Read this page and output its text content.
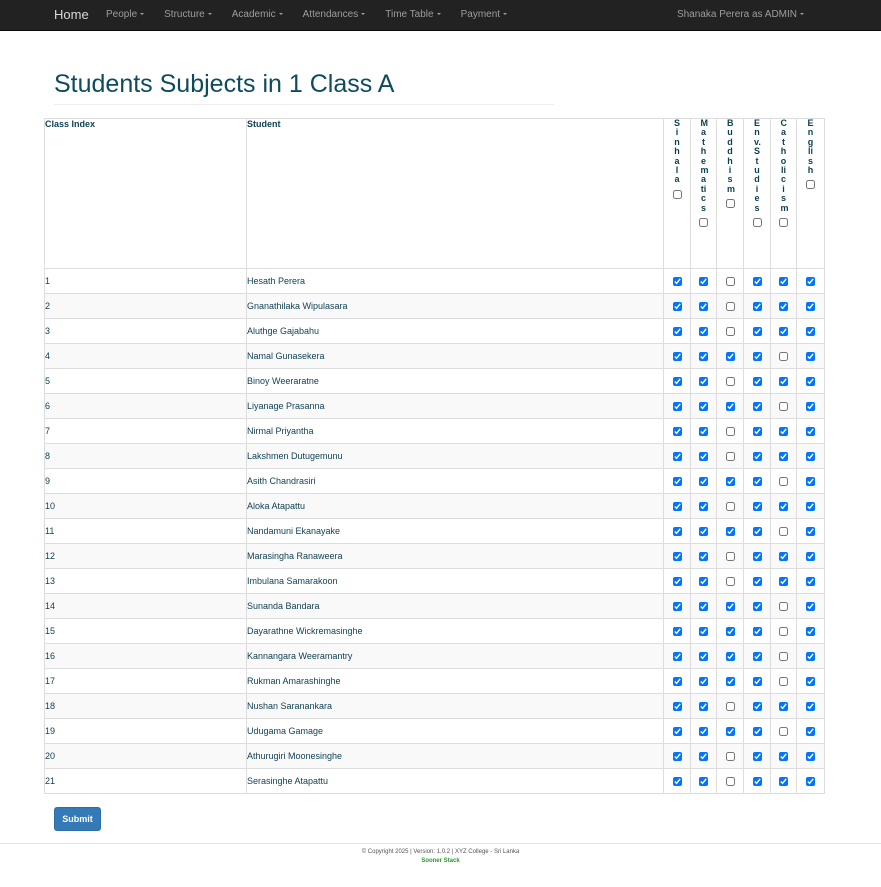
Home People	Structure	Academic	Attendances	Time Table	Payment	Shanaka Perera as ADMIN
Students Subjects in 1 Class A
Class Index	Student	Sinhala	Mathematics	Buddhism	Env. Studies	Catholicism	English

1	Hesath Perera						
2	Gnanathilaka Wipulasara						
3	Aluthge Gajabahu						
4	Namal Gunasekera						
5	Binoy Weeraratne						
6	Liyanage Prasanna						
7	Nirmal Priyantha						
8	Lakshmen Dutugemunu						
9	Asith Chandrasiri						
10	Aloka Atapattu						
11	Nandamuni Ekanayake						
12	Marasingha Ranaweera						
13	Imbulana Samarakoon						
14	Sunanda Bandara						
15	Dayarathne Wickremasinghe						
16	Kannangara Weeramantry						
17	Rukman Amarashinghe						
18	Nushan Saranankara						
19	Udugama Gamage						
20	Athurugiri Moonesinghe						
21	Serasinghe Atapattu						
Submit
© Copyright 2025 | Version: 1.0.2 | XYZ College - Sri Lanka
Sooner Stack
